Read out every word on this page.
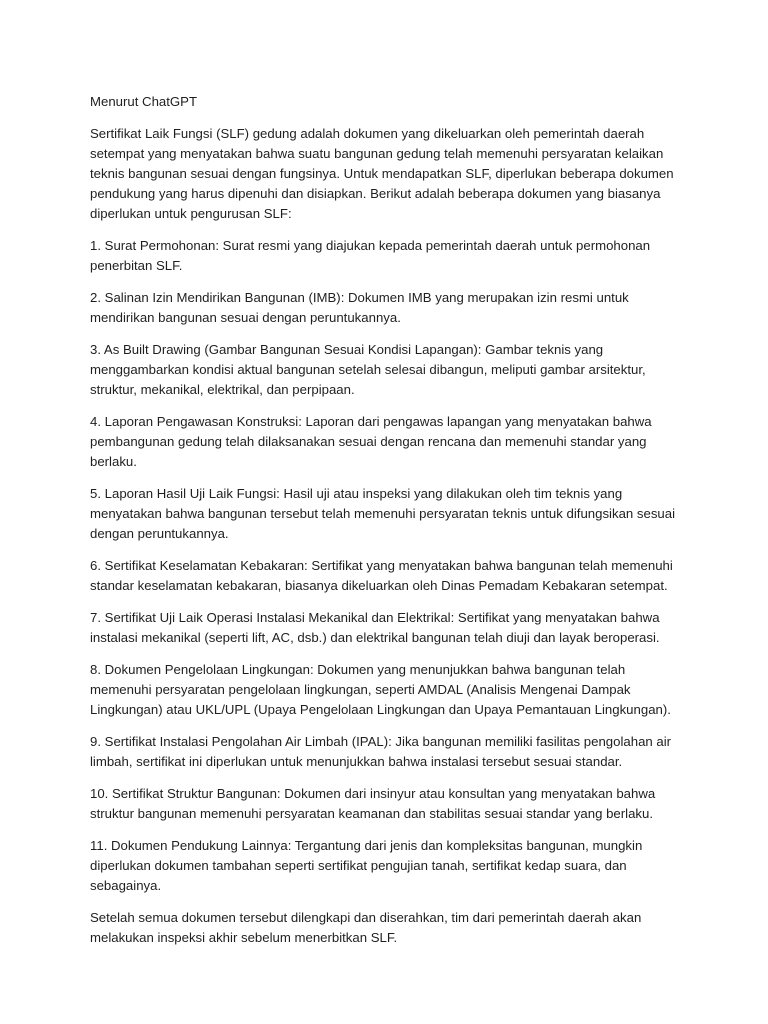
Menurut ChatGPT

Sertifikat Laik Fungsi (SLF) gedung adalah dokumen yang dikeluarkan oleh pemerintah daerah setempat yang menyatakan bahwa suatu bangunan gedung telah memenuhi persyaratan kelaikan teknis bangunan sesuai dengan fungsinya. Untuk mendapatkan SLF, diperlukan beberapa dokumen pendukung yang harus dipenuhi dan disiapkan. Berikut adalah beberapa dokumen yang biasanya diperlukan untuk pengurusan SLF:

1. Surat Permohonan: Surat resmi yang diajukan kepada pemerintah daerah untuk permohonan penerbitan SLF.

2. Salinan Izin Mendirikan Bangunan (IMB): Dokumen IMB yang merupakan izin resmi untuk mendirikan bangunan sesuai dengan peruntukannya.

3. As Built Drawing (Gambar Bangunan Sesuai Kondisi Lapangan): Gambar teknis yang menggambarkan kondisi aktual bangunan setelah selesai dibangun, meliputi gambar arsitektur, struktur, mekanikal, elektrikal, dan perpipaan.

4. Laporan Pengawasan Konstruksi: Laporan dari pengawas lapangan yang menyatakan bahwa pembangunan gedung telah dilaksanakan sesuai dengan rencana dan memenuhi standar yang berlaku.

5. Laporan Hasil Uji Laik Fungsi: Hasil uji atau inspeksi yang dilakukan oleh tim teknis yang menyatakan bahwa bangunan tersebut telah memenuhi persyaratan teknis untuk difungsikan sesuai dengan peruntukannya.

6. Sertifikat Keselamatan Kebakaran: Sertifikat yang menyatakan bahwa bangunan telah memenuhi standar keselamatan kebakaran, biasanya dikeluarkan oleh Dinas Pemadam Kebakaran setempat.

7. Sertifikat Uji Laik Operasi Instalasi Mekanikal dan Elektrikal: Sertifikat yang menyatakan bahwa instalasi mekanikal (seperti lift, AC, dsb.) dan elektrikal bangunan telah diuji dan layak beroperasi.

8. Dokumen Pengelolaan Lingkungan: Dokumen yang menunjukkan bahwa bangunan telah memenuhi persyaratan pengelolaan lingkungan, seperti AMDAL (Analisis Mengenai Dampak Lingkungan) atau UKL/UPL (Upaya Pengelolaan Lingkungan dan Upaya Pemantauan Lingkungan).

9. Sertifikat Instalasi Pengolahan Air Limbah (IPAL): Jika bangunan memiliki fasilitas pengolahan air limbah, sertifikat ini diperlukan untuk menunjukkan bahwa instalasi tersebut sesuai standar.

10. Sertifikat Struktur Bangunan: Dokumen dari insinyur atau konsultan yang menyatakan bahwa struktur bangunan memenuhi persyaratan keamanan dan stabilitas sesuai standar yang berlaku.

11. Dokumen Pendukung Lainnya: Tergantung dari jenis dan kompleksitas bangunan, mungkin diperlukan dokumen tambahan seperti sertifikat pengujian tanah, sertifikat kedap suara, dan sebagainya.

Setelah semua dokumen tersebut dilengkapi dan diserahkan, tim dari pemerintah daerah akan melakukan inspeksi akhir sebelum menerbitkan SLF.
